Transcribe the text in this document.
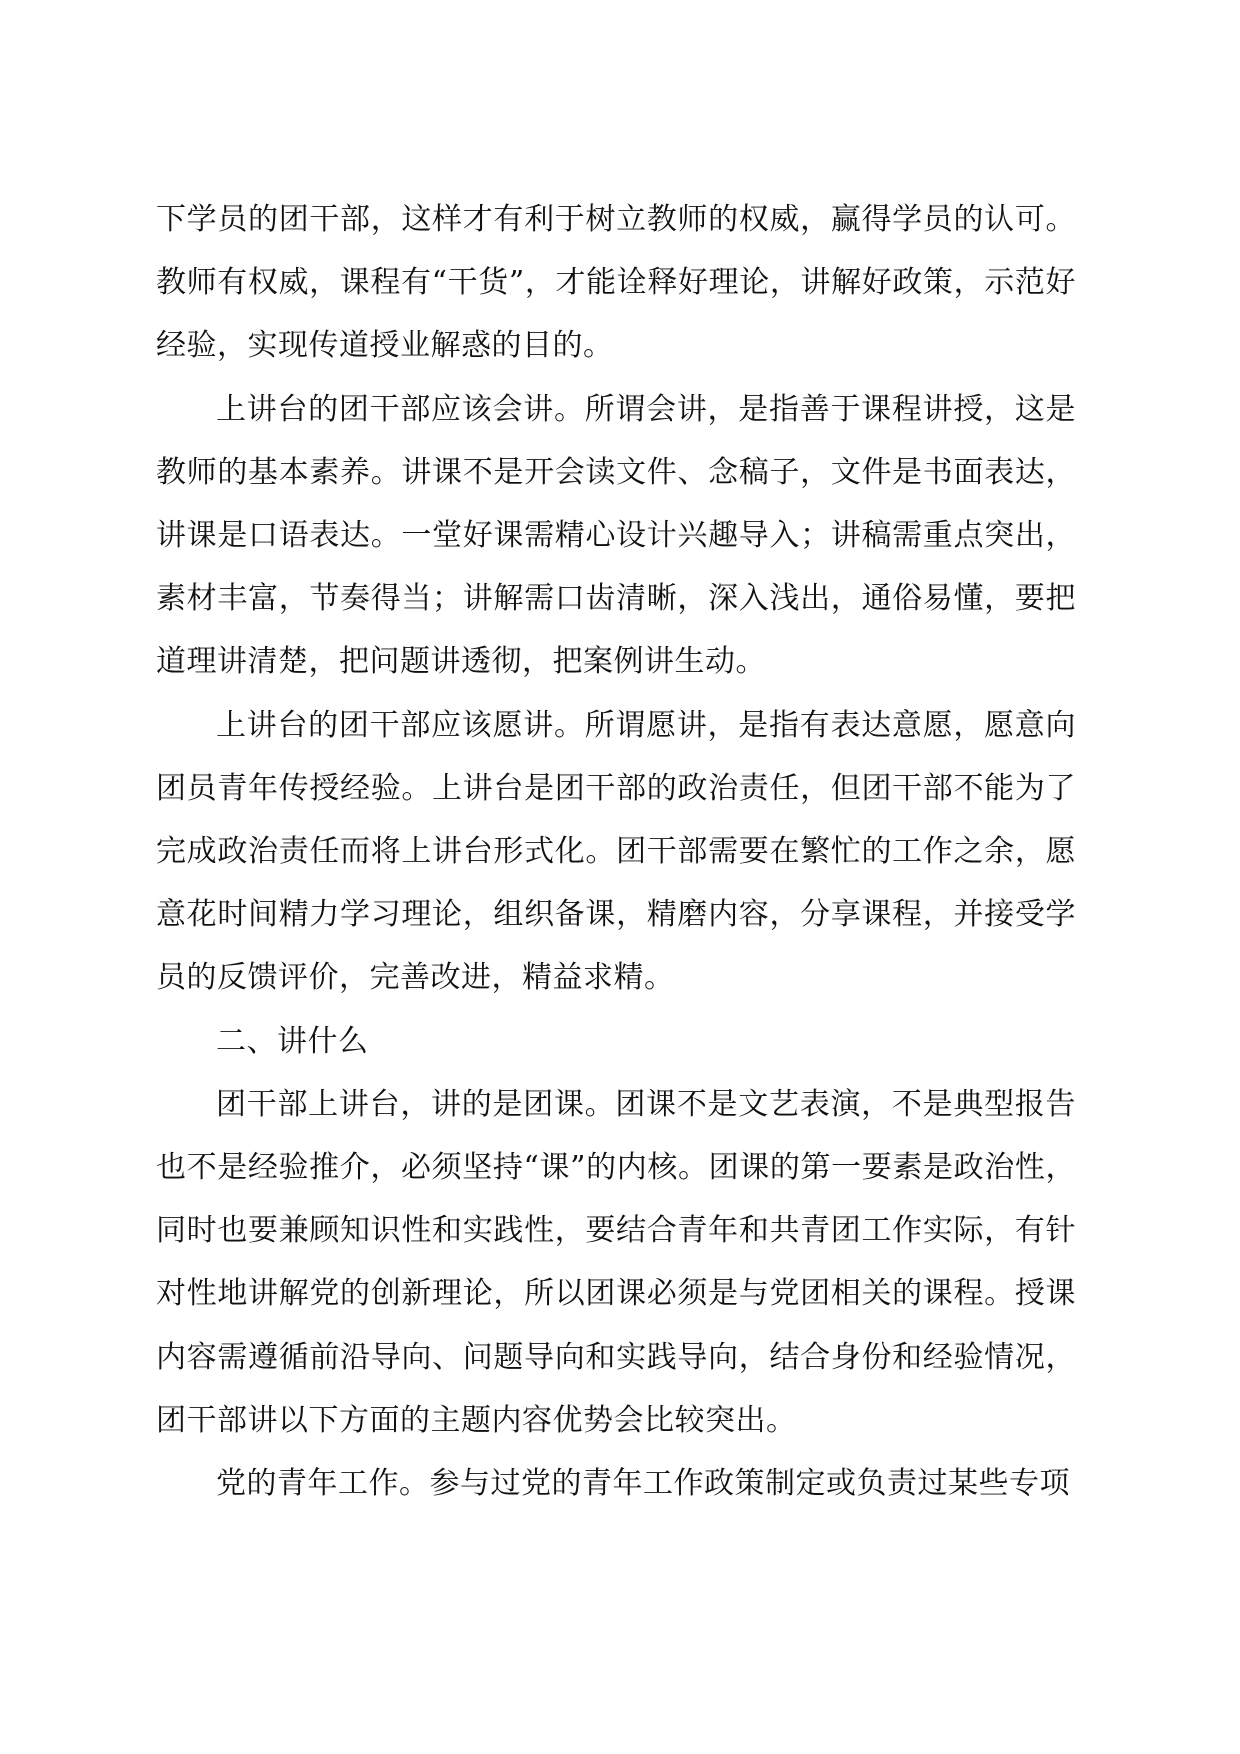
下学员的团干部，这样才有利于树立教师的权威，赢得学员的认可。教师有权威，课程有“干货”，才能诠释好理论，讲解好政策，示范好经验，实现传道授业解惑的目的。

上讲台的团干部应该会讲。所谓会讲，是指善于课程讲授，这是教师的基本素养。讲课不是开会读文件、念稿子，文件是书面表达，讲课是口语表达。一堂好课需精心设计兴趣导入；讲稿需重点突出，素材丰富，节奏得当；讲解需口齿清晰，深入浅出，通俗易懂，要把道理讲清楚，把问题讲透彻，把案例讲生动。

上讲台的团干部应该愿讲。所谓愿讲，是指有表达意愿，愿意向团员青年传授经验。上讲台是团干部的政治责任，但团干部不能为了完成政治责任而将上讲台形式化。团干部需要在繁忙的工作之余，愿意花时间精力学习理论，组织备课，精磨内容，分享课程，并接受学员的反馈评价，完善改进，精益求精。

二、讲什么

团干部上讲台，讲的是团课。团课不是文艺表演，不是典型报告也不是经验推介，必须坚持“课”的内核。团课的第一要素是政治性，同时也要兼顾知识性和实践性，要结合青年和共青团工作实际，有针对性地讲解党的创新理论，所以团课必须是与党团相关的课程。授课内容需遵循前沿导向、问题导向和实践导向，结合身份和经验情况，团干部讲以下方面的主题内容优势会比较突出。

党的青年工作。参与过党的青年工作政策制定或负责过某些专项
